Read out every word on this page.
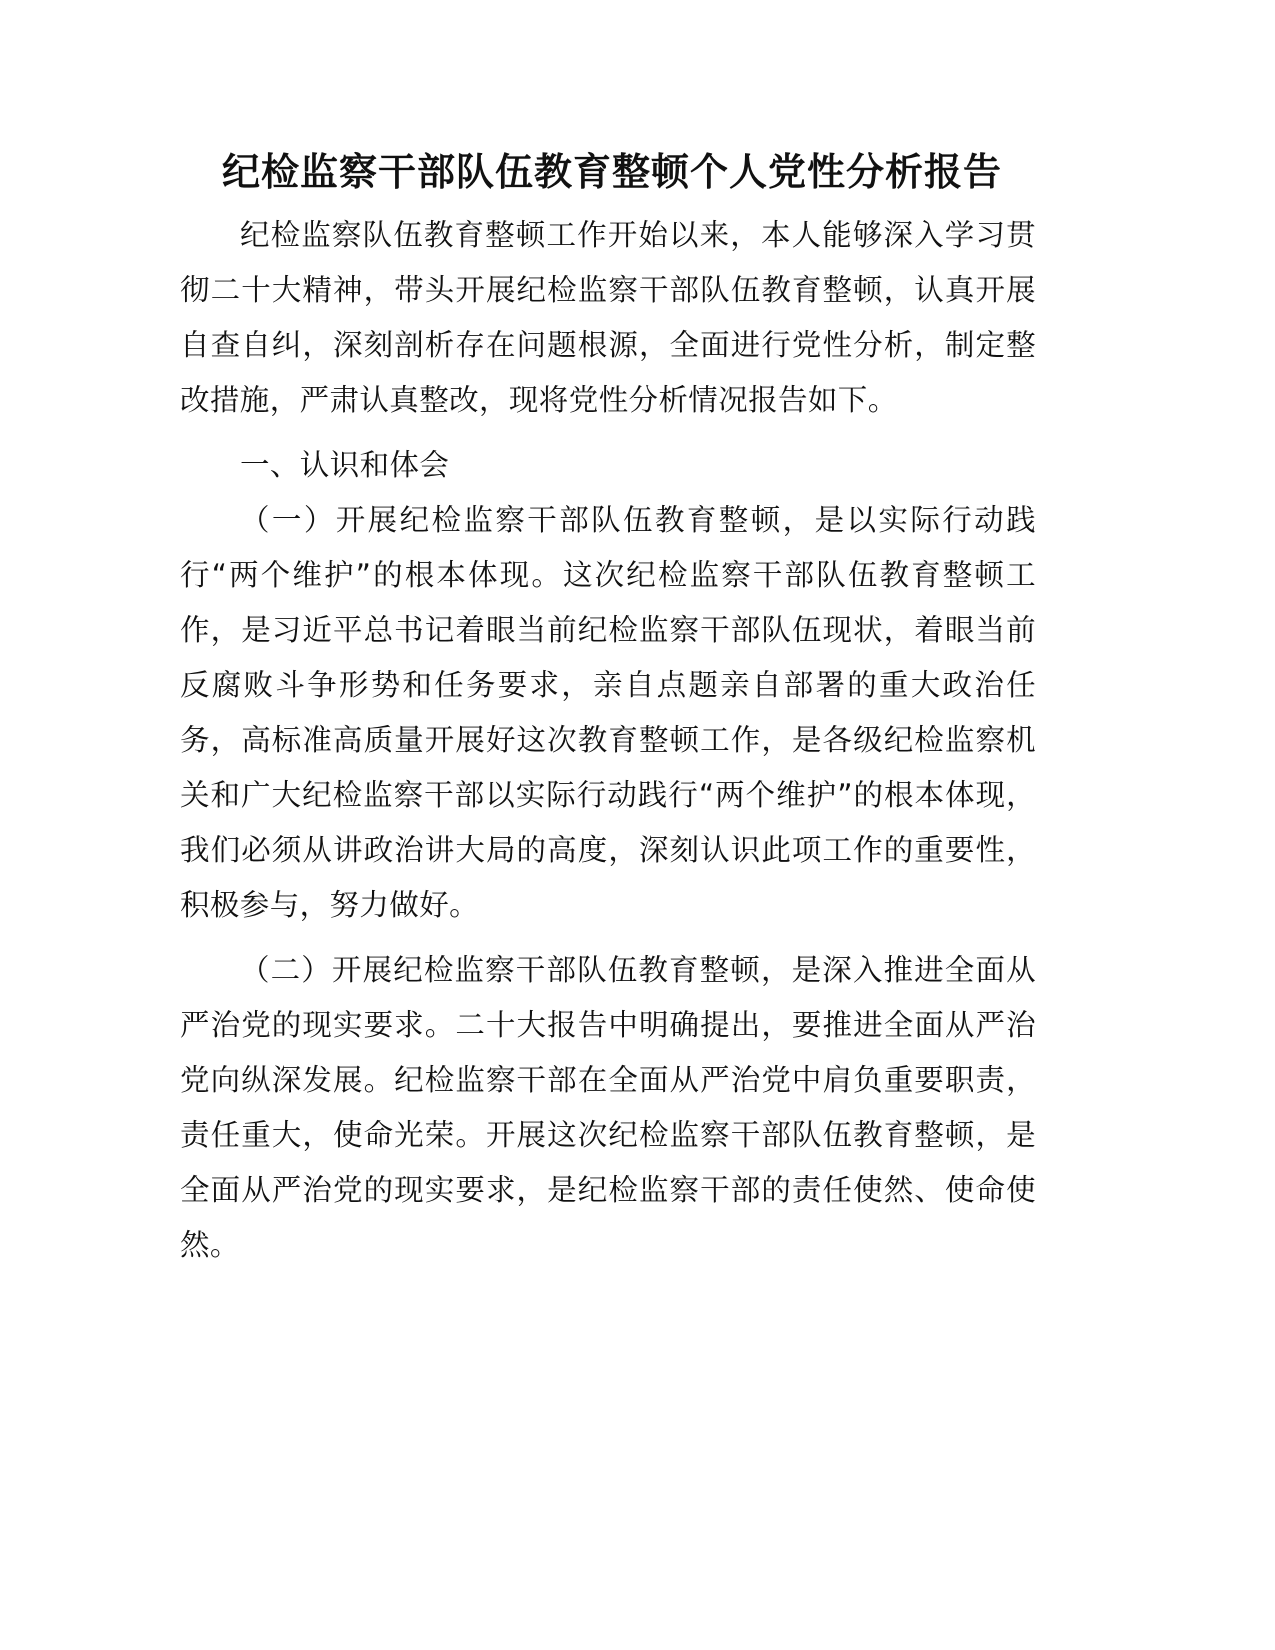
纪检监察干部队伍教育整顿个人党性分析报告

纪检监察队伍教育整顿工作开始以来，本人能够深入学习贯彻二十大精神，带头开展纪检监察干部队伍教育整顿，认真开展自查自纠，深刻剖析存在问题根源，全面进行党性分析，制定整改措施，严肃认真整改，现将党性分析情况报告如下。

一、认识和体会

（一）开展纪检监察干部队伍教育整顿，是以实际行动践行“两个维护”的根本体现。这次纪检监察干部队伍教育整顿工作，是习近平总书记着眼当前纪检监察干部队伍现状，着眼当前反腐败斗争形势和任务要求，亲自点题亲自部署的重大政治任务，高标准高质量开展好这次教育整顿工作，是各级纪检监察机关和广大纪检监察干部以实际行动践行“两个维护”的根本体现，我们必须从讲政治讲大局的高度，深刻认识此项工作的重要性，积极参与，努力做好。

（二）开展纪检监察干部队伍教育整顿，是深入推进全面从严治党的现实要求。二十大报告中明确提出，要推进全面从严治党向纵深发展。纪检监察干部在全面从严治党中肩负重要职责，责任重大，使命光荣。开展这次纪检监察干部队伍教育整顿，是全面从严治党的现实要求，是纪检监察干部的责任使然、使命使然。
